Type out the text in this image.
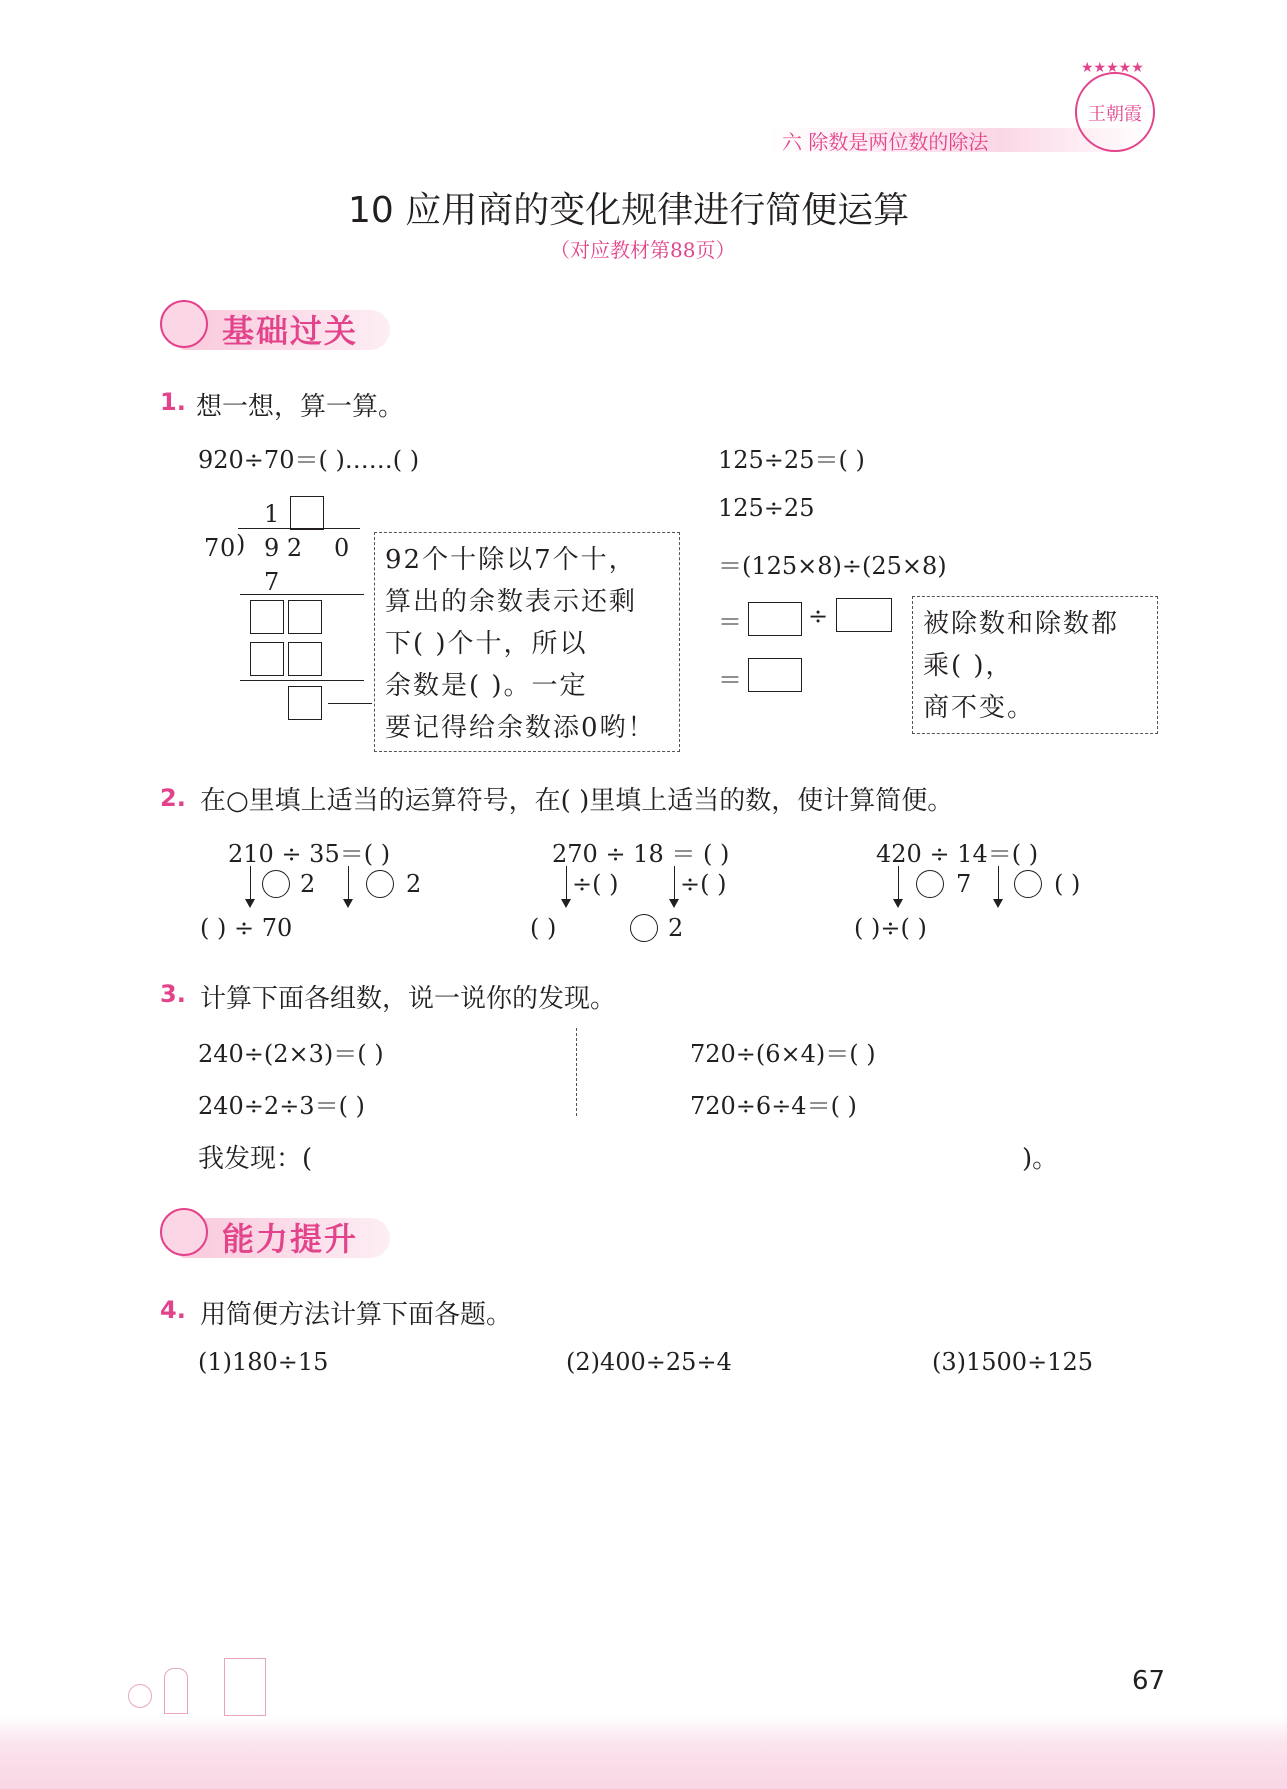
六 除数是两位数的除法
★★★★★
王朝霞
10 应用商的变化规律进行简便运算
（对应教材第88页）
基础过关
1. 想一想，算一算。
920÷70＝( )……( )
1
7 0 ) 9 2 0
7
92个十除以7个十，
算出的余数表示还剩
下( )个十，所以
余数是( )。一定
要记得给余数添0哟！
125÷25＝( )
125÷25
＝(125×8)÷(25×8)
＝	÷
＝
被除数和除数都
乘( )，
商不变。
2. 在○里填上适当的运算符号，在( )里填上适当的数，使计算简便。
210 ÷ 35＝( )
2	2
( ) ÷ 70
270 ÷ 18 ＝ ( )
÷( )	÷( )
( )	2
420 ÷ 14＝( )
7	( )
( )÷( )
3. 计算下面各组数，说一说你的发现。
240÷(2×3)＝( )
240÷2÷3＝( )
720÷(6×4)＝( )
720÷6÷4＝( )
我发现：(	)。
能力提升
4. 用简便方法计算下面各题。
(1)180÷15	(2)400÷25÷4	(3)1500÷125
67
